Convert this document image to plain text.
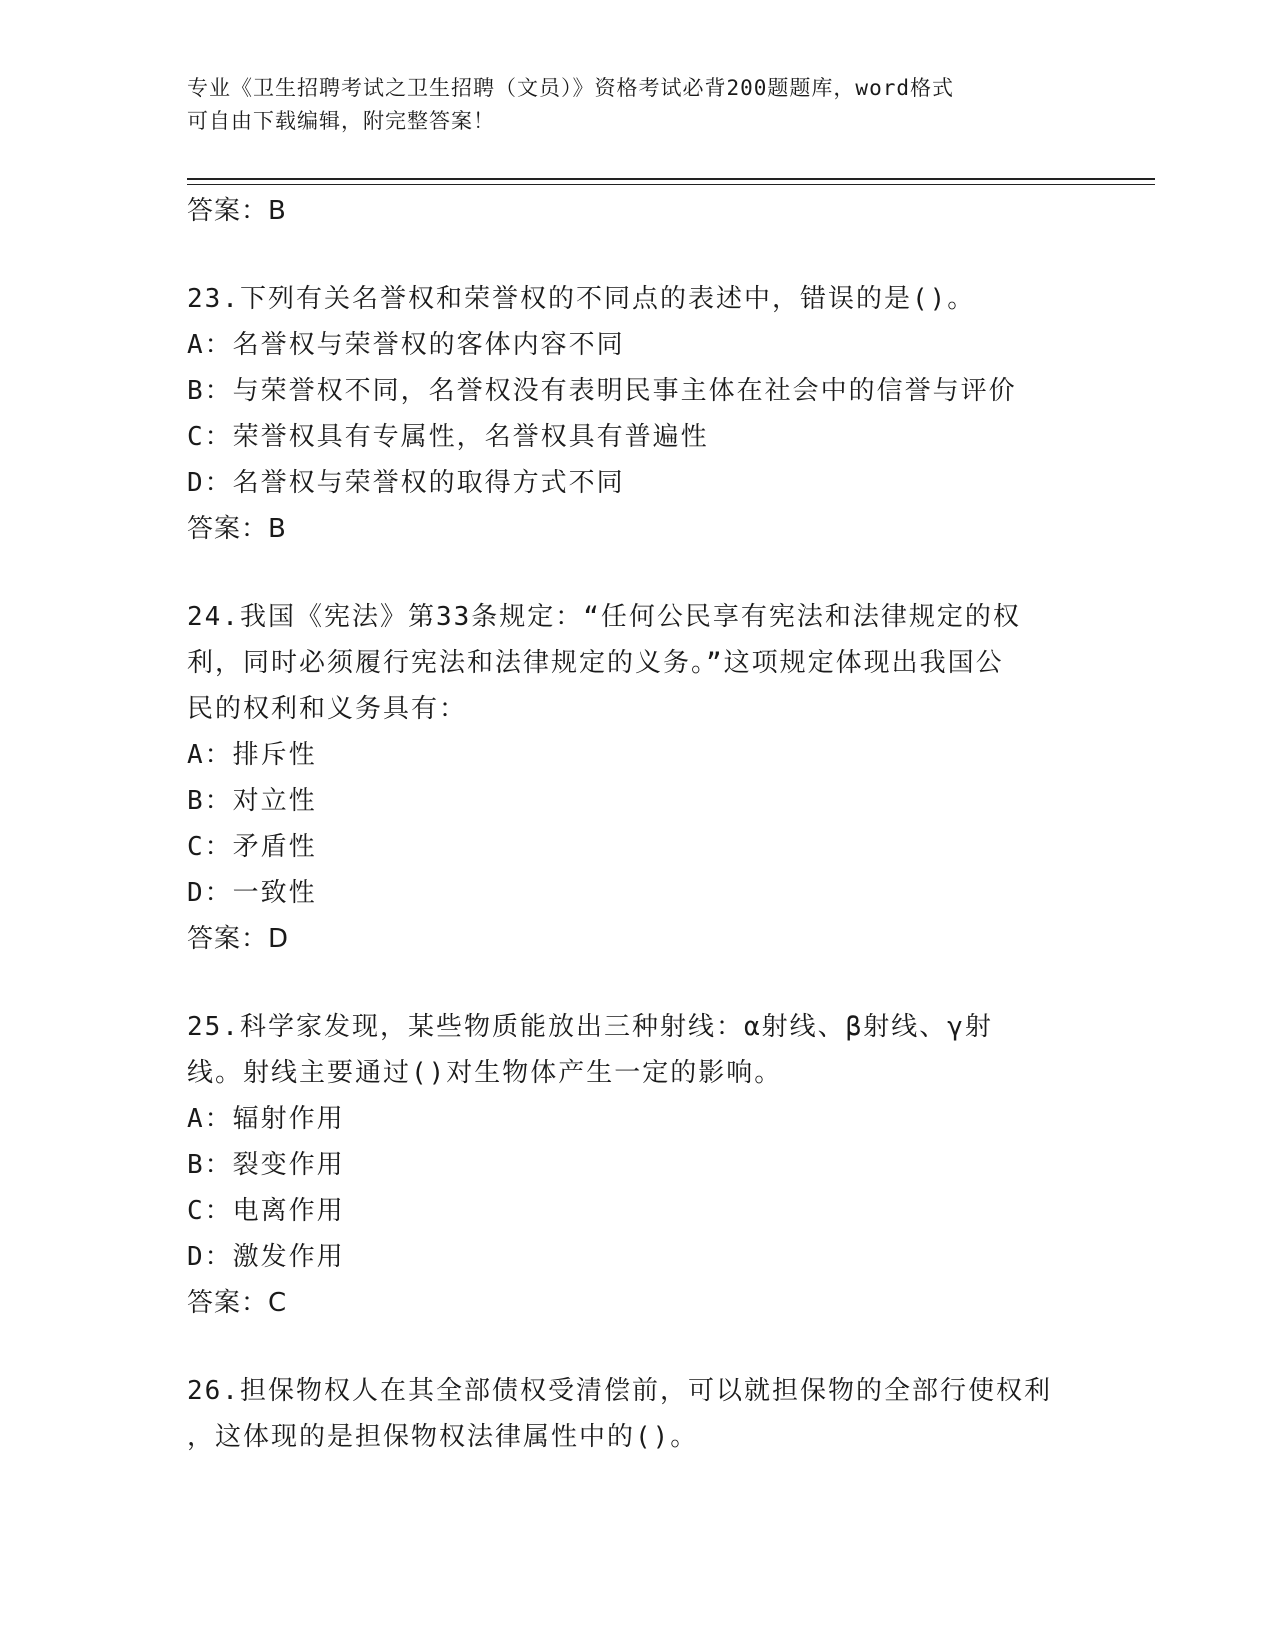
专业《卫生招聘考试之卫生招聘（文员）》资格考试必背200题题库，word格式
可自由下载编辑，附完整答案！
答案：B
23.下列有关名誉权和荣誉权的不同点的表述中，错误的是()。
A：名誉权与荣誉权的客体内容不同
B：与荣誉权不同，名誉权没有表明民事主体在社会中的信誉与评价
C：荣誉权具有专属性，名誉权具有普遍性
D：名誉权与荣誉权的取得方式不同
答案：B
24.我国《宪法》第33条规定：“任何公民享有宪法和法律规定的权
利，同时必须履行宪法和法律规定的义务。”这项规定体现出我国公
民的权利和义务具有：
A：排斥性
B：对立性
C：矛盾性
D：一致性
答案：D
25.科学家发现，某些物质能放出三种射线：α射线、β射线、γ射
线。射线主要通过()对生物体产生一定的影响。
A：辐射作用
B：裂变作用
C：电离作用
D：激发作用
答案：C
26.担保物权人在其全部债权受清偿前，可以就担保物的全部行使权利
，这体现的是担保物权法律属性中的()。
